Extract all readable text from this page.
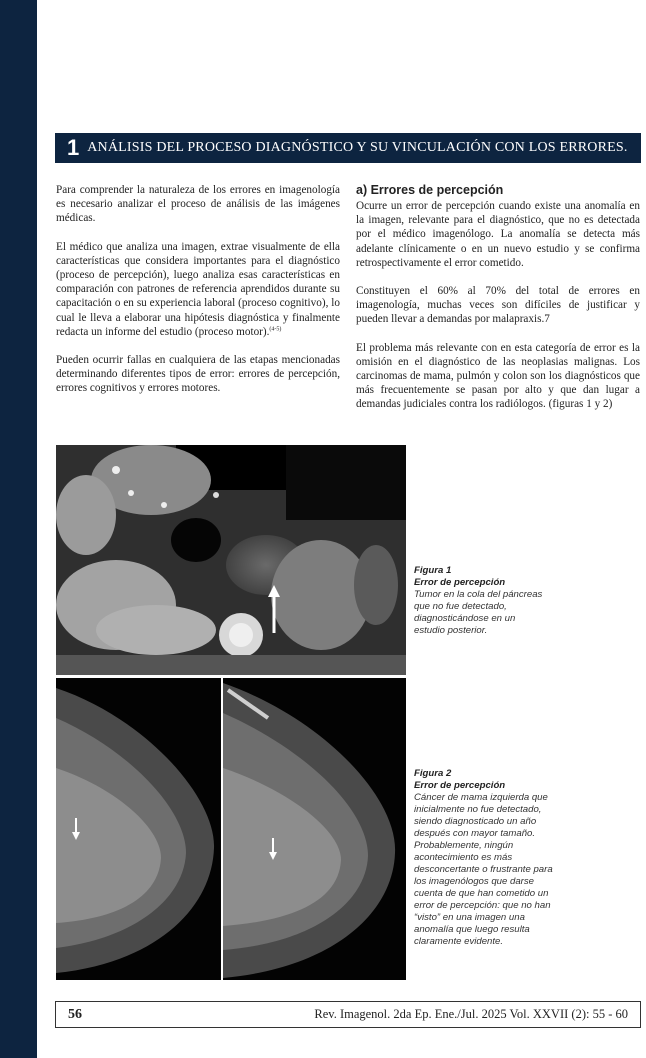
1 ANÁLISIS DEL PROCESO DIAGNÓSTICO Y SU VINCULACIÓN CON LOS ERRORES.

Para comprender la naturaleza de los errores en imagenología es necesario analizar el proceso de análisis de las imágenes médicas.

El médico que analiza una imagen, extrae visualmente de ella características que considera importantes para el diagnóstico (proceso de percepción), luego analiza esas características en comparación con patrones de referencia aprendidos durante su capacitación o en su experiencia laboral (proceso cognitivo), lo cual le lleva a elaborar una hipótesis diagnóstica y finalmente redacta un informe del estudio (proceso motor).$^{(4-5)}$

Pueden ocurrir fallas en cualquiera de las etapas mencionadas determinando diferentes tipos de error: errores de percepción, errores cognitivos y errores motores.

a) Errores de percepción

Ocurre un error de percepción cuando existe una anomalía en la imagen, relevante para el diagnóstico, que no es detectada por el médico imagenólogo. La anomalía se detecta más adelante clínicamente o en un nuevo estudio y se confirma retrospectivamente el error cometido.

Constituyen el 60% al 70% del total de errores en imagenología, muchas veces son difíciles de justificar y pueden llevar a demandas por malapraxis.7

El problema más relevante con en esta categoría de error es la omisión en el diagnóstico de las neoplasias malignas. Los carcinomas de mama, pulmón y colon son los diagnósticos que más frecuentemente se pasan por alto y que dan lugar a demandas judiciales contra los radiólogos. (figuras 1 y 2)

Figura 1
Error de percepción
Tumor en la cola del páncreas que no fue detectado, diagnosticándose en un estudio posterior.
Figura 2
Error de percepción
Cáncer de mama izquierda que inicialmente no fue detectado, siendo diagnosticado un año después con mayor tamaño. Probablemente, ningún acontecimiento es más desconcertante o frustrante para los imagenólogos que darse cuenta de que han cometido un error de percepción: que no han “visto” en una imagen una anomalía que luego resulta claramente evidente.
56	Rev. Imagenol. 2da Ep. Ene./Jul. 2025 Vol. XXVII (2): 55 - 60
